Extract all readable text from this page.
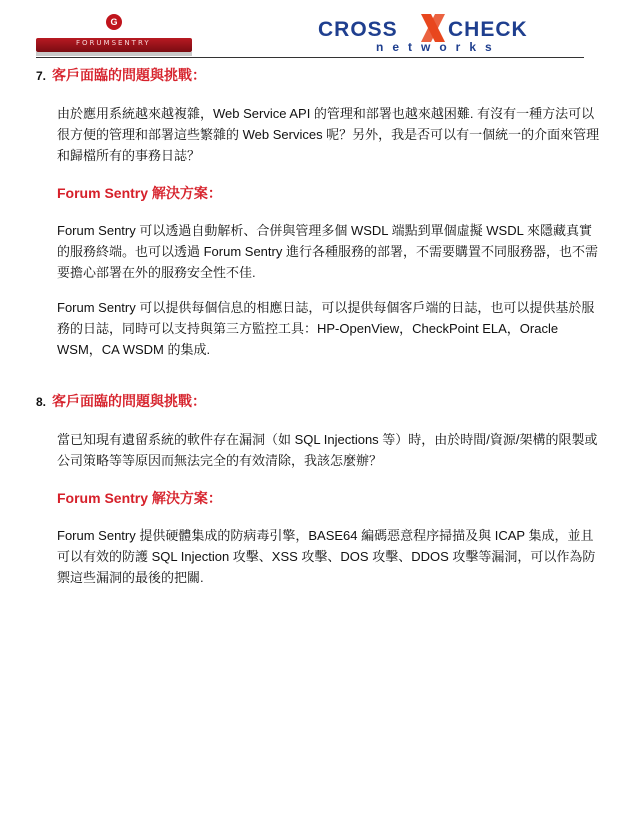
G
FORUMSENTRY
CROSS CHECK
networks
7. 客戶面臨的問題與挑戰：

由於應用系統越來越複雜，Web Service API 的管理和部署也越來越困難. 有沒有一種方法可以很方便的管理和部署這些繁雜的 Web Services 呢？另外，我是否可以有一個統一的介面來管理和歸檔所有的事務日誌？

Forum Sentry 解決方案：

Forum Sentry 可以透過自動解析、合併與管理多個 WSDL 端點到單個虛擬 WSDL 來隱藏真實的服務終端。也可以透過 Forum Sentry 進行各種服務的部署，不需要購置不同服務器，也不需要擔心部署在外的服務安全性不佳.

Forum Sentry 可以提供每個信息的相應日誌，可以提供每個客戶端的日誌，也可以提供基於服務的日誌，同時可以支持與第三方監控工具：HP-OpenView，CheckPoint ELA，Oracle WSM，CA WSDM 的集成.

8. 客戶面臨的問題與挑戰：

當已知現有遺留系統的軟件存在漏洞（如 SQL Injections 等）時，由於時間/資源/架構的限製或公司策略等等原因而無法完全的有效清除，我該怎麼辦？

Forum Sentry 解決方案：

Forum Sentry 提供硬體集成的防病毒引擎，BASE64 編碼惡意程序掃描及與 ICAP 集成，並且可以有效的防護 SQL Injection 攻擊、XSS 攻擊、DOS 攻擊、DDOS 攻擊等漏洞，可以作為防禦這些漏洞的最後的把關.
